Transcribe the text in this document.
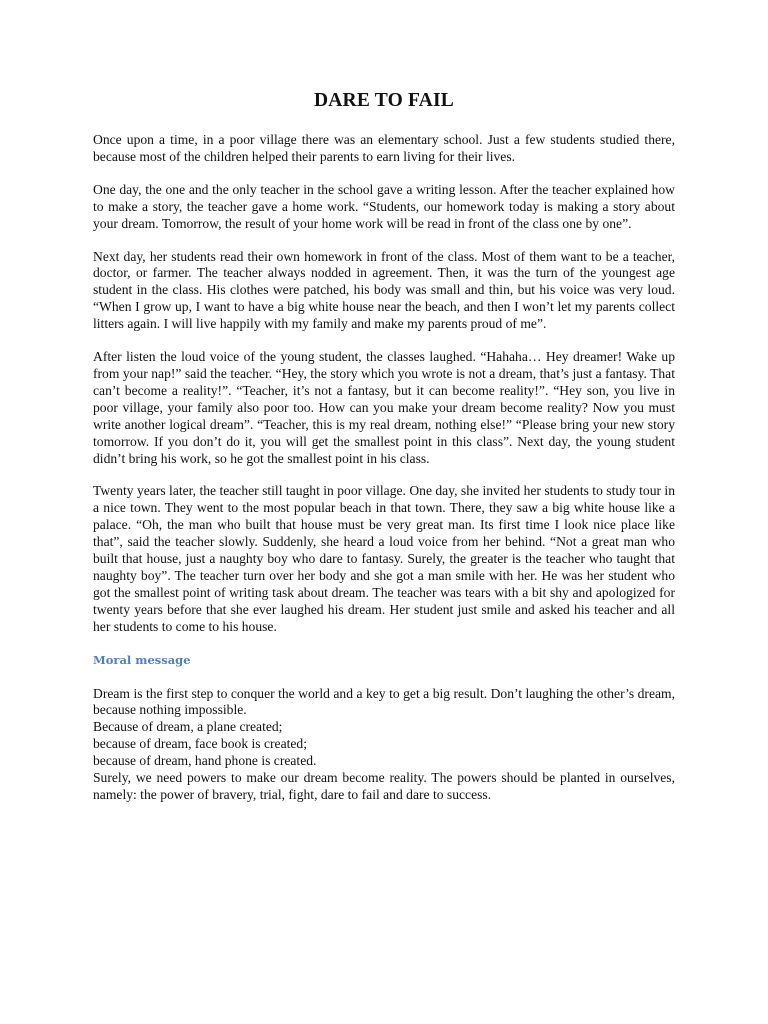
DARE TO FAIL

Once upon a time, in a poor village there was an elementary school. Just a few students studied there, because most of the children helped their parents to earn living for their lives.

One day, the one and the only teacher in the school gave a writing lesson. After the teacher explained how to make a story, the teacher gave a home work. “Students, our homework today is making a story about your dream. Tomorrow, the result of your home work will be read in front of the class one by one”.

Next day, her students read their own homework in front of the class. Most of them want to be a teacher, doctor, or farmer. The teacher always nodded in agreement. Then, it was the turn of the youngest age student in the class. His clothes were patched, his body was small and thin, but his voice was very loud. “When I grow up, I want to have a big white house near the beach, and then I won’t let my parents collect litters again. I will live happily with my family and make my parents proud of me”.

After listen the loud voice of the young student, the classes laughed. “Hahaha… Hey dreamer! Wake up from your nap!” said the teacher. “Hey, the story which you wrote is not a dream, that’s just a fantasy. That can’t become a reality!”. “Teacher, it’s not a fantasy, but it can become reality!”. “Hey son, you live in poor village, your family also poor too. How can you make your dream become reality? Now you must write another logical dream”. “Teacher, this is my real dream, nothing else!” “Please bring your new story tomorrow. If you don’t do it, you will get the smallest point in this class”. Next day, the young student didn’t bring his work, so he got the smallest point in his class.

Twenty years later, the teacher still taught in poor village. One day, she invited her students to study tour in a nice town. They went to the most popular beach in that town. There, they saw a big white house like a palace. “Oh, the man who built that house must be very great man. Its first time I look nice place like that”, said the teacher slowly. Suddenly, she heard a loud voice from her behind. “Not a great man who built that house, just a naughty boy who dare to fantasy. Surely, the greater is the teacher who taught that naughty boy”. The teacher turn over her body and she got a man smile with her. He was her student who got the smallest point of writing task about dream. The teacher was tears with a bit shy and apologized for twenty years before that she ever laughed his dream. Her student just smile and asked his teacher and all her students to come to his house.

Moral message

Dream is the first step to conquer the world and a key to get a big result. Don’t laughing the other’s dream, because nothing impossible.

Because of dream, a plane created;

because of dream, face book is created;

because of dream, hand phone is created.

Surely, we need powers to make our dream become reality. The powers should be planted in ourselves, namely: the power of bravery, trial, fight, dare to fail and dare to success.
